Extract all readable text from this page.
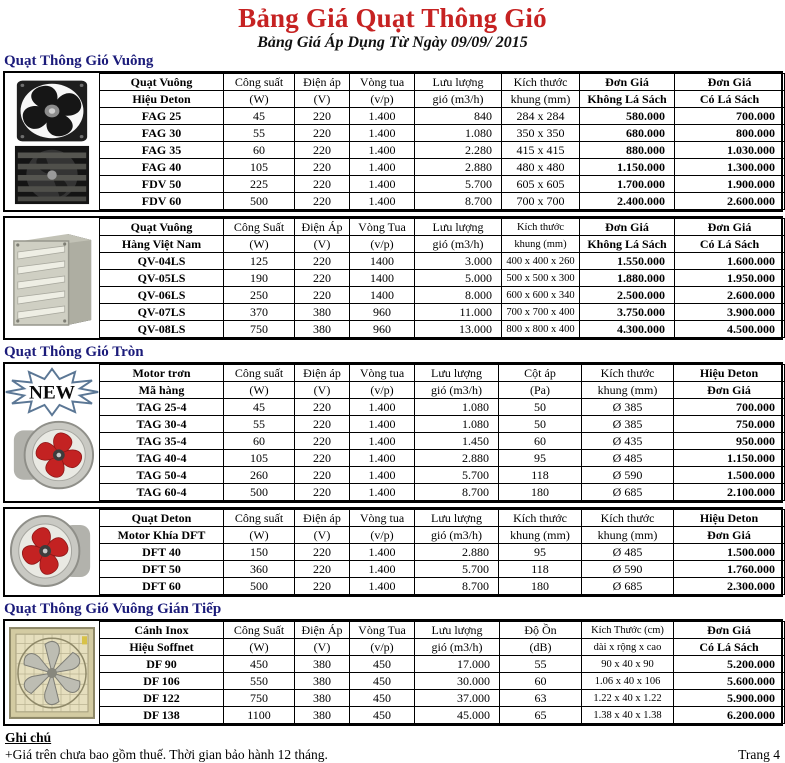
Bảng Giá Quạt Thông Gió
Bảng Giá Áp Dụng Từ Ngày 09/09/ 2015
Quạt Thông Gió Vuông
Quạt Vuông	Công suất	Điện áp	Vòng tua	Lưu lượng	Kích thước	Đơn Giá	Đơn Giá
Hiệu Deton	(W)	(V)	(v/p)	gió (m3/h)	khung (mm)	Không Lá Sách	Có Lá Sách
FAG 25	45	220	1.400	840	284 x 284	580.000	700.000
FAG 30	55	220	1.400	1.080	350 x 350	680.000	800.000
FAG 35	60	220	1.400	2.280	415 x 415	880.000	1.030.000
FAG 40	105	220	1.400	2.880	480 x 480	1.150.000	1.300.000
FDV 50	225	220	1.400	5.700	605 x 605	1.700.000	1.900.000
FDV 60	500	220	1.400	8.700	700 x 700	2.400.000	2.600.000
Quạt Vuông	Công Suất	Điện Áp	Vòng Tua	Lưu lượng	Kích thước	Đơn Giá	Đơn Giá
Hàng Việt Nam	(W)	(V)	(v/p)	gió (m3/h)	khung (mm)	Không Lá Sách	Có Lá Sách
QV-04LS	125	220	1400	3.000	400 x 400 x 260	1.550.000	1.600.000
QV-05LS	190	220	1400	5.000	500 x 500 x 300	1.880.000	1.950.000
QV-06LS	250	220	1400	8.000	600 x 600 x 340	2.500.000	2.600.000
QV-07LS	370	380	960	11.000	700 x 700 x 400	3.750.000	3.900.000
QV-08LS	750	380	960	13.000	800 x 800 x 400	4.300.000	4.500.000
Quạt Thông Gió Tròn
NEW
Motor trơn	Công suất	Điện áp	Vòng tua	Lưu lượng	Cột áp	Kích thước	Hiệu Deton
Mã hàng	(W)	(V)	(v/p)	gió (m3/h)	(Pa)	khung (mm)	Đơn Giá
TAG 25-4	45	220	1.400	1.080	50	Ø 385	700.000
TAG 30-4	55	220	1.400	1.080	50	Ø 385	750.000
TAG 35-4	60	220	1.400	1.450	60	Ø 435	950.000
TAG 40-4	105	220	1.400	2.880	95	Ø 485	1.150.000
TAG 50-4	260	220	1.400	5.700	118	Ø 590	1.500.000
TAG 60-4	500	220	1.400	8.700	180	Ø 685	2.100.000
Quạt Deton	Công suất	Điện áp	Vòng tua	Lưu lượng	Kích thước	Kích thước	Hiệu Deton
Motor Khía DFT	(W)	(V)	(v/p)	gió (m3/h)	khung (mm)	khung (mm)	Đơn Giá
DFT 40	150	220	1.400	2.880	95	Ø 485	1.500.000
DFT 50	360	220	1.400	5.700	118	Ø 590	1.760.000
DFT 60	500	220	1.400	8.700	180	Ø 685	2.300.000
Quạt Thông Gió Vuông Gián Tiếp
Cánh Inox	Công Suất	Điện Áp	Vòng Tua	Lưu lượng	Độ Ồn	Kích Thước (cm)	Đơn Giá
Hiệu Soffnet	(W)	(V)	(v/p)	gió (m3/h)	(dB)	dài x rộng x cao	Có Lá Sách
DF 90	450	380	450	17.000	55	90 x 40 x 90	5.200.000
DF 106	550	380	450	30.000	60	1.06 x 40 x 106	5.600.000
DF 122	750	380	450	37.000	63	1.22 x 40 x 1.22	5.900.000
DF 138	1100	380	450	45.000	65	1.38 x 40 x 1.38	6.200.000
Ghi chú
+Giá trên chưa bao gồm thuế. Thời gian bảo hành 12 tháng.	Trang 4
